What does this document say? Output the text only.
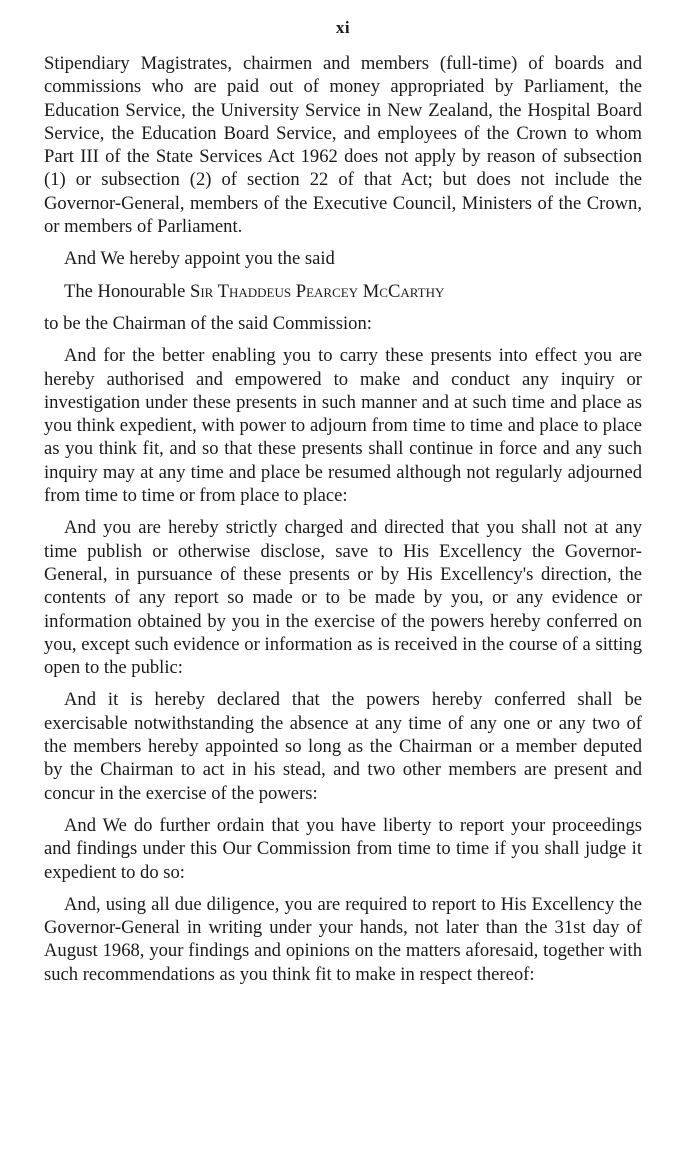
xi

Stipendiary Magistrates, chairmen and members (full-time) of boards and commissions who are paid out of money appropriated by Parliament, the Education Service, the University Service in New Zealand, the Hospital Board Service, the Education Board Service, and employees of the Crown to whom Part III of the State Services Act 1962 does not apply by reason of subsection (1) or subsection (2) of section 22 of that Act; but does not include the Governor-General, members of the Executive Council, Ministers of the Crown, or members of Parliament.

And We hereby appoint you the said

The Honourable Sir Thaddeus Pearcey McCarthy

to be the Chairman of the said Commission:

And for the better enabling you to carry these presents into effect you are hereby authorised and empowered to make and conduct any inquiry or investigation under these presents in such manner and at such time and place as you think expedient, with power to adjourn from time to time and place to place as you think fit, and so that these presents shall continue in force and any such inquiry may at any time and place be resumed although not regularly adjourned from time to time or from place to place:

And you are hereby strictly charged and directed that you shall not at any time publish or otherwise disclose, save to His Excellency the Governor-General, in pursuance of these presents or by His Excellency's direction, the contents of any report so made or to be made by you, or any evidence or information obtained by you in the exercise of the powers hereby conferred on you, except such evidence or information as is received in the course of a sitting open to the public:

And it is hereby declared that the powers hereby conferred shall be exercisable notwithstanding the absence at any time of any one or any two of the members hereby appointed so long as the Chairman or a member deputed by the Chairman to act in his stead, and two other members are present and concur in the exercise of the powers:

And We do further ordain that you have liberty to report your proceedings and findings under this Our Commission from time to time if you shall judge it expedient to do so:

And, using all due diligence, you are required to report to His Excellency the Governor-General in writing under your hands, not later than the 31st day of August 1968, your findings and opinions on the matters aforesaid, together with such recommendations as you think fit to make in respect thereof:
